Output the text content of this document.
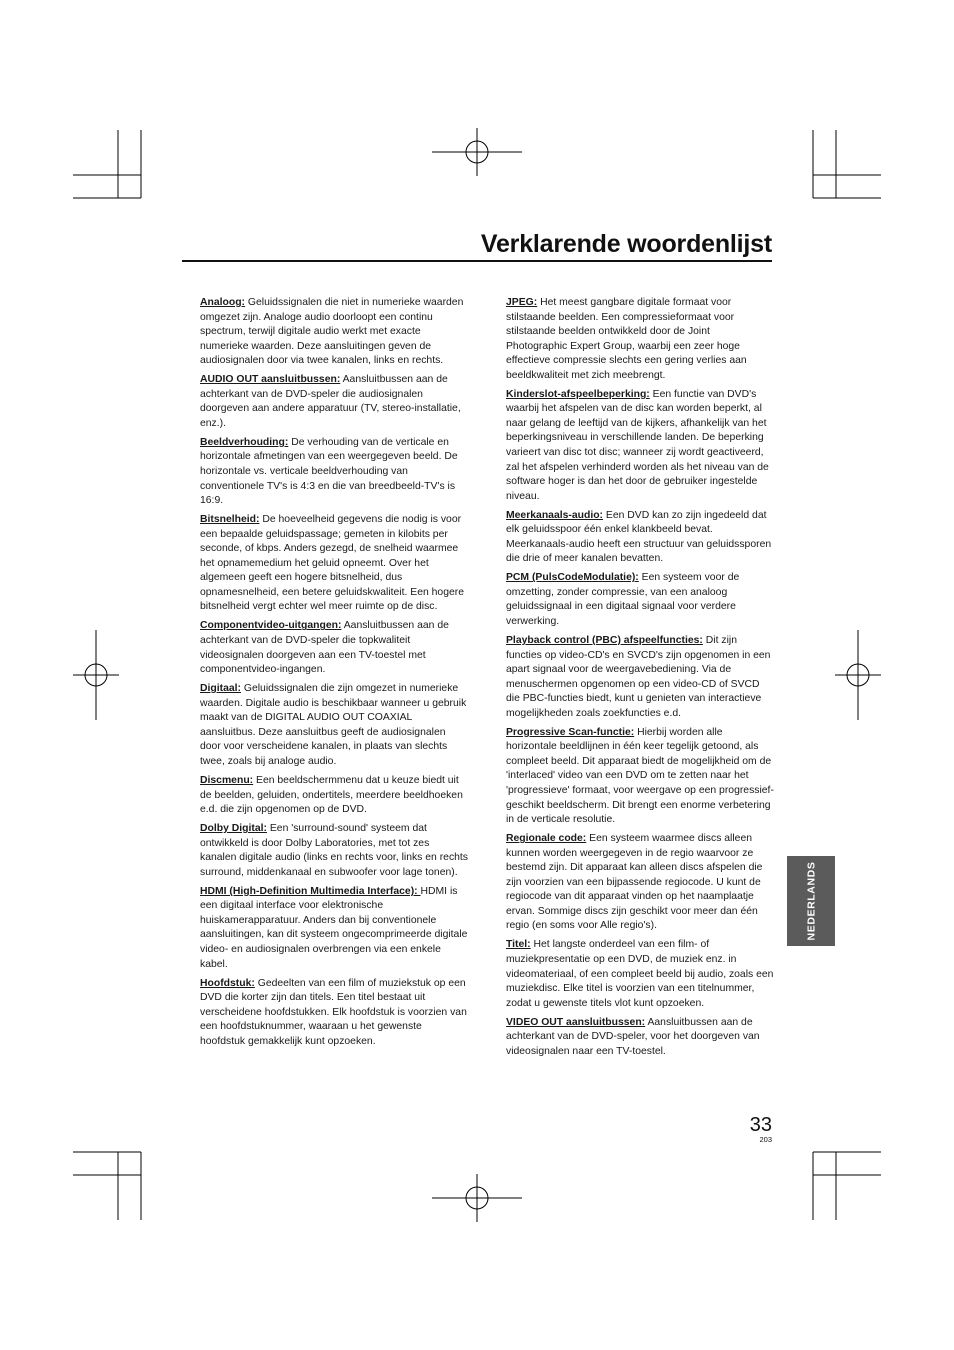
Verklarende woordenlijst

Analoog: Geluidssignalen die niet in numerieke waarden omgezet zijn. Analoge audio doorloopt een continu spectrum, terwijl digitale audio werkt met exacte numerieke waarden. Deze aansluitingen geven de audiosignalen door via twee kanalen, links en rechts.

AUDIO OUT aansluitbussen: Aansluitbussen aan de achterkant van de DVD-speler die audiosignalen doorgeven aan andere apparatuur (TV, stereo-installatie, enz.).

Beeldverhouding: De verhouding van de verticale en horizontale afmetingen van een weergegeven beeld. De horizontale vs. verticale beeldverhouding van conventionele TV's is 4:3 en die van breedbeeld-TV's is 16:9.

Bitsnelheid: De hoeveelheid gegevens die nodig is voor een bepaalde geluidspassage; gemeten in kilobits per seconde, of kbps. Anders gezegd, de snelheid waarmee het opnamemedium het geluid opneemt. Over het algemeen geeft een hogere bitsnelheid, dus opnamesnelheid, een betere geluidskwaliteit. Een hogere bitsnelheid vergt echter wel meer ruimte op de disc.

Componentvideo-uitgangen: Aansluitbussen aan de achterkant van de DVD-speler die topkwaliteit videosignalen doorgeven aan een TV-toestel met componentvideo-ingangen.

Digitaal: Geluidssignalen die zijn omgezet in numerieke waarden. Digitale audio is beschikbaar wanneer u gebruik maakt van de DIGITAL AUDIO OUT COAXIAL aansluitbus. Deze aansluitbus geeft de audiosignalen door voor verscheidene kanalen, in plaats van slechts twee, zoals bij analoge audio.

Discmenu: Een beeldschermmenu dat u keuze biedt uit de beelden, geluiden, ondertitels, meerdere beeldhoeken e.d. die zijn opgenomen op de DVD.

Dolby Digital: Een 'surround-sound' systeem dat ontwikkeld is door Dolby Laboratories, met tot zes kanalen digitale audio (links en rechts voor, links en rechts surround, middenkanaal en subwoofer voor lage tonen).

HDMI (High-Definition Multimedia Interface): HDMI is een digitaal interface voor elektronische huiskamerapparatuur. Anders dan bij conventionele aansluitingen, kan dit systeem ongecomprimeerde digitale video- en audiosignalen overbrengen via een enkele kabel.

Hoofdstuk: Gedeelten van een film of muziekstuk op een DVD die korter zijn dan titels. Een titel bestaat uit verscheidene hoofdstukken. Elk hoofdstuk is voorzien van een hoofdstuknummer, waaraan u het gewenste hoofdstuk gemakkelijk kunt opzoeken.

JPEG: Het meest gangbare digitale formaat voor stilstaande beelden. Een compressieformaat voor stilstaande beelden ontwikkeld door de Joint Photographic Expert Group, waarbij een zeer hoge effectieve compressie slechts een gering verlies aan beeldkwaliteit met zich meebrengt.

Kinderslot-afspeelbeperking: Een functie van DVD's waarbij het afspelen van de disc kan worden beperkt, al naar gelang de leeftijd van de kijkers, afhankelijk van het beperkingsniveau in verschillende landen. De beperking varieert van disc tot disc; wanneer zij wordt geactiveerd, zal het afspelen verhinderd worden als het niveau van de software hoger is dan het door de gebruiker ingestelde niveau.

Meerkanaals-audio: Een DVD kan zo zijn ingedeeld dat elk geluidsspoor één enkel klankbeeld bevat. Meerkanaals-audio heeft een structuur van geluidssporen die drie of meer kanalen bevatten.

PCM (PulsCodeModulatie): Een systeem voor de omzetting, zonder compressie, van een analoog geluidssignaal in een digitaal signaal voor verdere verwerking.

Playback control (PBC) afspeelfuncties: Dit zijn functies op video-CD's en SVCD's zijn opgenomen in een apart signaal voor de weergavebediening. Via de menuschermen opgenomen op een video-CD of SVCD die PBC-functies biedt, kunt u genieten van interactieve mogelijkheden zoals zoekfuncties e.d.

Progressive Scan-functie: Hierbij worden alle horizontale beeldlijnen in één keer tegelijk getoond, als compleet beeld. Dit apparaat biedt de mogelijkheid om de 'interlaced' video van een DVD om te zetten naar het 'progressieve' formaat, voor weergave op een progressief-geschikt beeldscherm. Dit brengt een enorme verbetering in de verticale resolutie.

Regionale code: Een systeem waarmee discs alleen kunnen worden weergegeven in de regio waarvoor ze bestemd zijn. Dit apparaat kan alleen discs afspelen die zijn voorzien van een bijpassende regiocode. U kunt de regiocode van dit apparaat vinden op het naamplaatje ervan. Sommige discs zijn geschikt voor meer dan één regio (en soms voor Alle regio's).

Titel: Het langste onderdeel van een film- of muziekpresentatie op een DVD, de muziek enz. in videomateriaal, of een compleet beeld bij audio, zoals een muziekdisc. Elke titel is voorzien van een titelnummer, zodat u gewenste titels vlot kunt opzoeken.

VIDEO OUT aansluitbussen: Aansluitbussen aan de achterkant van de DVD-speler, voor het doorgeven van videosignalen naar een TV-toestel.

NEDERLANDS
33
203
